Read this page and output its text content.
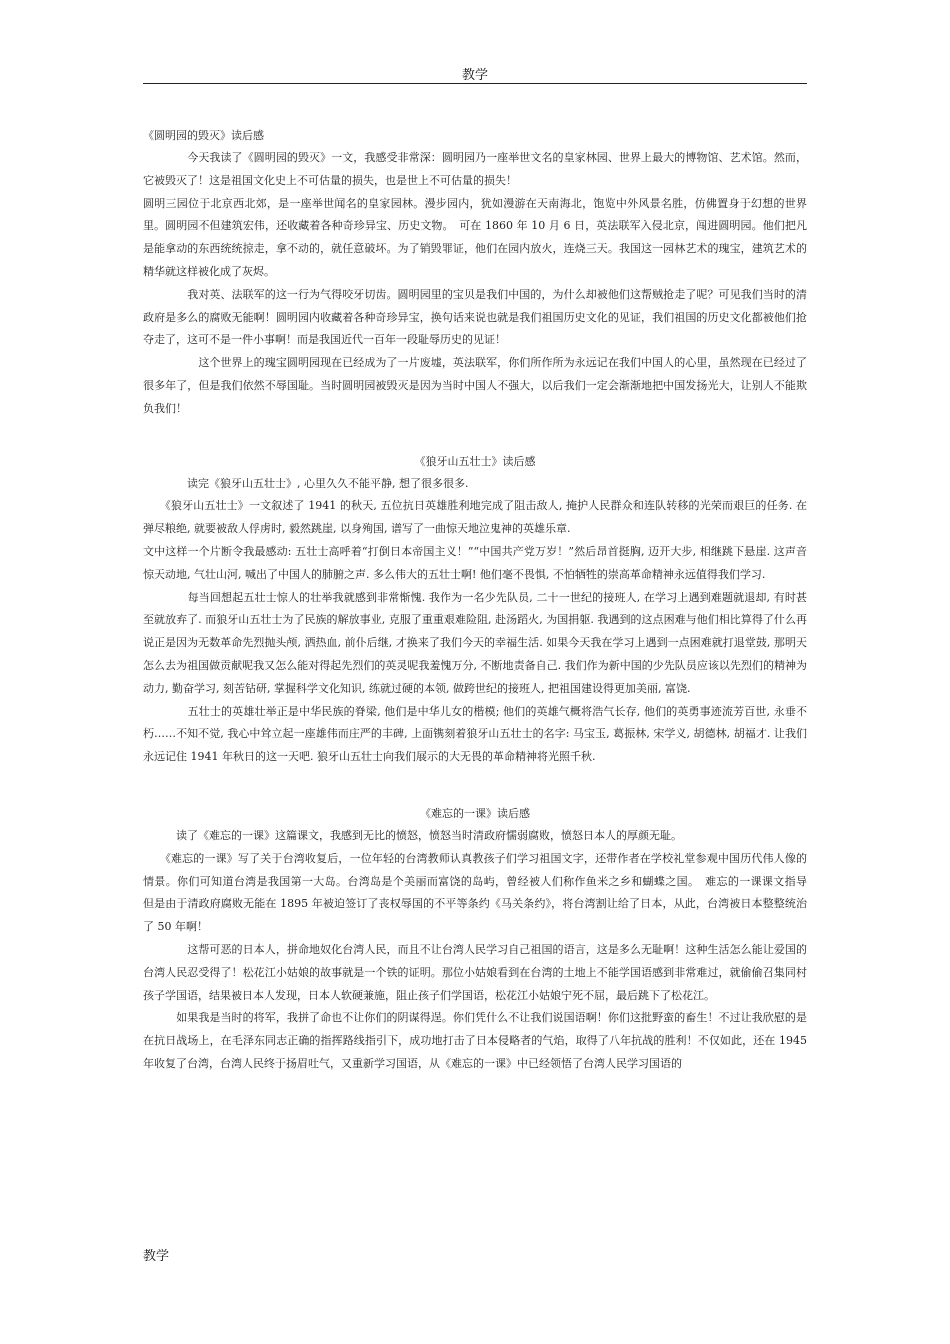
教学

《圆明园的毁灭》读后感

　　　　今天我读了《圆明园的毁灭》一文，我感受非常深：圆明园乃一座举世文名的皇家林园、世界上最大的博物馆、艺术馆。然而，它被毁灭了！这是祖国文化史上不可估量的损失，也是世上不可估量的损失！

圆明三园位于北京西北郊，是一座举世闻名的皇家园林。漫步园内，犹如漫游在天南海北，饱览中外风景名胜，仿佛置身于幻想的世界里。圆明园不但建筑宏伟，还收藏着各种奇珍异宝、历史文物。　可在 1860 年 10 月 6 日，英法联军入侵北京，闯进圆明园。他们把凡是能拿动的东西统统掠走，拿不动的，就任意破坏。为了销毁罪证，他们在园内放火，连烧三天。我国这一园林艺术的瑰宝，建筑艺术的精华就这样被化成了灰烬。

　　　　我对英、法联军的这一行为气得咬牙切齿。圆明园里的宝贝是我们中国的，为什么却被他们这帮贼抢走了呢？可见我们当时的清政府是多么的腐败无能啊！圆明园内收藏着各种奇珍异宝，换句话来说也就是我们祖国历史文化的见证，我们祖国的历史文化都被他们抢夺走了，这可不是一件小事啊！而是我国近代一百年一段耻辱历史的见证！

　　　　　这个世界上的瑰宝圆明园现在已经成为了一片废墟，英法联军，你们所作所为永远记在我们中国人的心里，虽然现在已经过了很多年了，但是我们依然不辱国耻。当时圆明园被毁灭是因为当时中国人不强大，以后我们一定会渐渐地把中国发扬光大，让别人不能欺负我们！

《狼牙山五壮士》读后感

　　　　读完《狼牙山五壮士》, 心里久久不能平静, 想了很多很多.

　　《狼牙山五壮士》一文叙述了 1941 的秋天, 五位抗日英雄胜利地完成了阻击敌人, 掩护人民群众和连队转移的光荣而艰巨的任务. 在弹尽粮绝, 就要被敌人俘虏时, 毅然跳崖, 以身殉国, 谱写了一曲惊天地泣鬼神的英雄乐章.

文中这样一个片断令我最感动: 五壮士高呼着“打倒日本帝国主义！”“中国共产党万岁！”然后昂首挺胸, 迈开大步, 相继跳下悬崖. 这声音惊天动地, 气壮山河, 喊出了中国人的肺腑之声. 多么伟大的五壮士啊! 他们毫不畏惧, 不怕牺牲的崇高革命精神永远值得我们学习.

　　　　每当回想起五壮士惊人的壮举我就感到非常惭愧. 我作为一名少先队员, 二十一世纪的接班人, 在学习上遇到难题就退却, 有时甚至就放弃了. 而狼牙山五壮士为了民族的解放事业, 克服了重重艰难险阻, 赴汤蹈火, 为国捐躯. 我遇到的这点困难与他们相比算得了什么再说正是因为无数革命先烈抛头颅, 洒热血, 前仆后继, 才换来了我们今天的幸福生活. 如果今天我在学习上遇到一点困难就打退堂鼓, 那明天怎么去为祖国做贡献呢我又怎么能对得起先烈们的英灵呢我羞愧万分, 不断地责备自己. 我们作为新中国的少先队员应该以先烈们的精神为动力, 勤奋学习, 刻苦钻研, 掌握科学文化知识, 练就过硬的本领, 做跨世纪的接班人, 把祖国建设得更加美丽, 富饶.

　　　　五壮士的英雄壮举正是中华民族的脊梁, 他们是中华儿女的楷模; 他们的英雄气概将浩气长存, 他们的英勇事迹流芳百世, 永垂不朽……不知不觉, 我心中耸立起一座雄伟而庄严的丰碑, 上面镌刻着狼牙山五壮士的名字: 马宝玉, 葛振林, 宋学义, 胡德林, 胡福才. 让我们永远记住 1941 年秋日的这一天吧. 狼牙山五壮士向我们展示的大无畏的革命精神将光照千秋.

《难忘的一课》读后感

　　　读了《难忘的一课》这篇课文，我感到无比的愤怒，愤怒当时清政府懦弱腐败，愤怒日本人的厚颜无耻。

　　《难忘的一课》写了关于台湾收复后，一位年轻的台湾教师认真教孩子们学习祖国文字，还带作者在学校礼堂参观中国历代伟人像的情景。你们可知道台湾是我国第一大岛。台湾岛是个美丽而富饶的岛屿，曾经被人们称作鱼米之乡和蝴蝶之国。　难忘的一课课文指导　但是由于清政府腐败无能在 1895 年被迫签订了丧权辱国的不平等条约《马关条约》，将台湾割让给了日本，从此，台湾被日本整整统治了 50 年啊！

　　　　这帮可恶的日本人，拼命地奴化台湾人民，而且不让台湾人民学习自己祖国的语言，这是多么无耻啊！这种生活怎么能让爱国的台湾人民忍受得了！松花江小姑娘的故事就是一个铁的证明。那位小姑娘看到在台湾的土地上不能学国语感到非常难过，就偷偷召集同村孩子学国语，结果被日本人发现，日本人软硬兼施，阻止孩子们学国语，松花江小姑娘宁死不屈，最后跳下了松花江。

　　　如果我是当时的将军，我拼了命也不让你们的阴谋得逞。你们凭什么不让我们说国语啊！你们这批野蛮的畜生！不过让我欣慰的是在抗日战场上，在毛泽东同志正确的指挥路线指引下，成功地打击了日本侵略者的气焰，取得了八年抗战的胜利！不仅如此，还在 1945 年收复了台湾，台湾人民终于扬眉吐气，又重新学习国语，从《难忘的一课》中已经领悟了台湾人民学习国语的

教学
